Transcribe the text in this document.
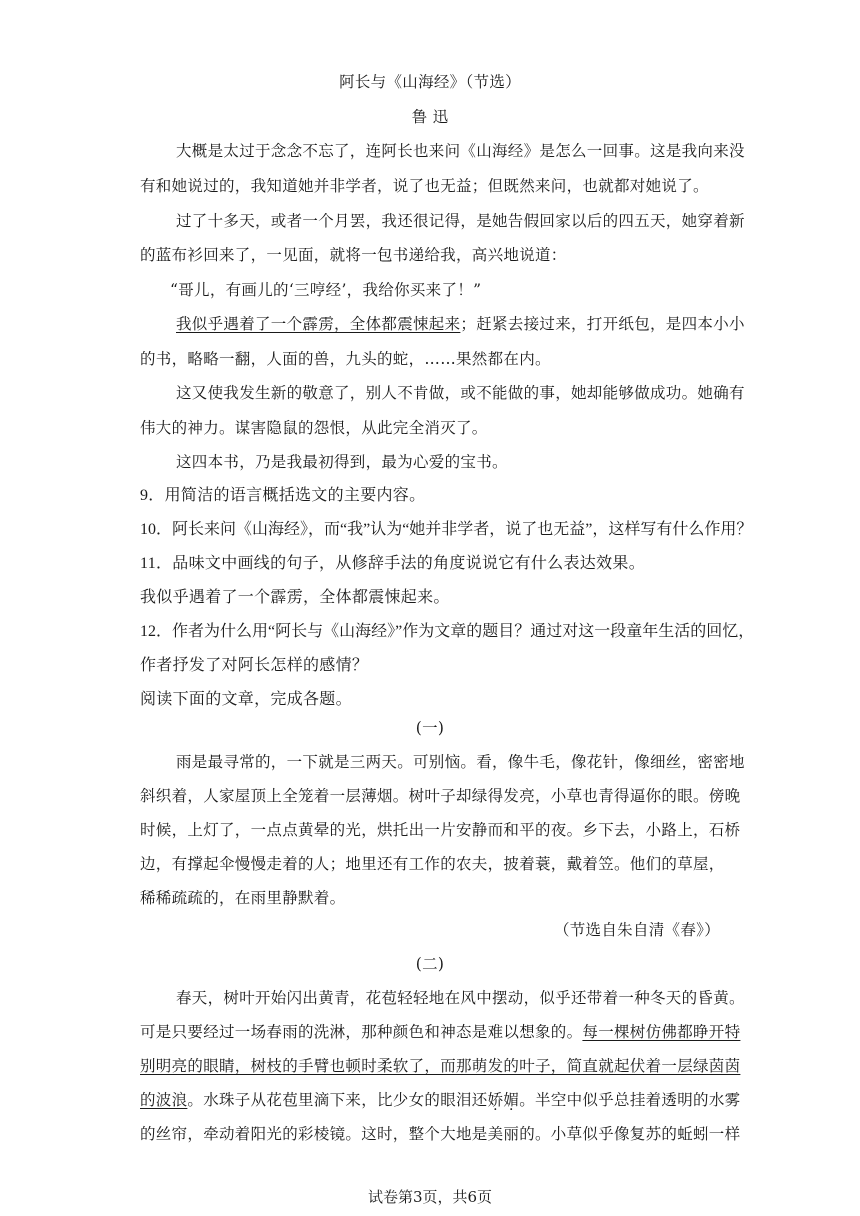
阿长与《山海经》（节选）
鲁 迅
大概是太过于念念不忘了，连阿长也来问《山海经》是怎么一回事。这是我向来没
有和她说过的，我知道她并非学者，说了也无益；但既然来问，也就都对她说了。
过了十多天，或者一个月罢，我还很记得，是她告假回家以后的四五天，她穿着新
的蓝布衫回来了，一见面，就将一包书递给我，高兴地说道：
“哥儿，有画儿的‘三哼经’，我给你买来了！”
我似乎遇着了一个霹雳，全体都震悚起来；赶紧去接过来，打开纸包，是四本小小
的书，略略一翻，人面的兽，九头的蛇，……果然都在内。
这又使我发生新的敬意了，别人不肯做，或不能做的事，她却能够做成功。她确有
伟大的神力。谋害隐鼠的怨恨，从此完全消灭了。
这四本书，乃是我最初得到，最为心爱的宝书。
9．用简洁的语言概括选文的主要内容。
10．阿长来问《山海经》，而“我”认为“她并非学者，说了也无益”，这样写有什么作用？
11．品味文中画线的句子，从修辞手法的角度说说它有什么表达效果。
我似乎遇着了一个霹雳，全体都震悚起来。
12．作者为什么用“阿长与《山海经》”作为文章的题目？通过对这一段童年生活的回忆，
作者抒发了对阿长怎样的感情？
阅读下面的文章，完成各题。
(一)
雨是最寻常的，一下就是三两天。可别恼。看，像牛毛，像花针，像细丝，密密地
斜织着，人家屋顶上全笼着一层薄烟。树叶子却绿得发亮，小草也青得逼你的眼。傍晚
时候，上灯了，一点点黄晕的光，烘托出一片安静而和平的夜。乡下去，小路上，石桥
边，有撑起伞慢慢走着的人；地里还有工作的农夫，披着蓑，戴着笠。他们的草屋，
稀稀疏疏的，在雨里静默着。
（节选自朱自清《春》）
(二)
春天，树叶开始闪出黄青，花苞轻轻地在风中摆动，似乎还带着一种冬天的昏黄。
可是只要经过一场春雨的洗淋，那种颜色和神态是难以想象的。每一棵树仿佛都睁开特
别明亮的眼睛，树枝的手臂也顿时柔软了，而那萌发的叶子，简直就起伏着一层绿茵茵
的波浪。水珠子从花苞里滴下来，比少女的眼泪还娇媚。半空中似乎总挂着透明的水雾
的丝帘，牵动着阳光的彩棱镜。这时，整个大地是美丽的。小草似乎像复苏的蚯蚓一样
试卷第3页，共6页
